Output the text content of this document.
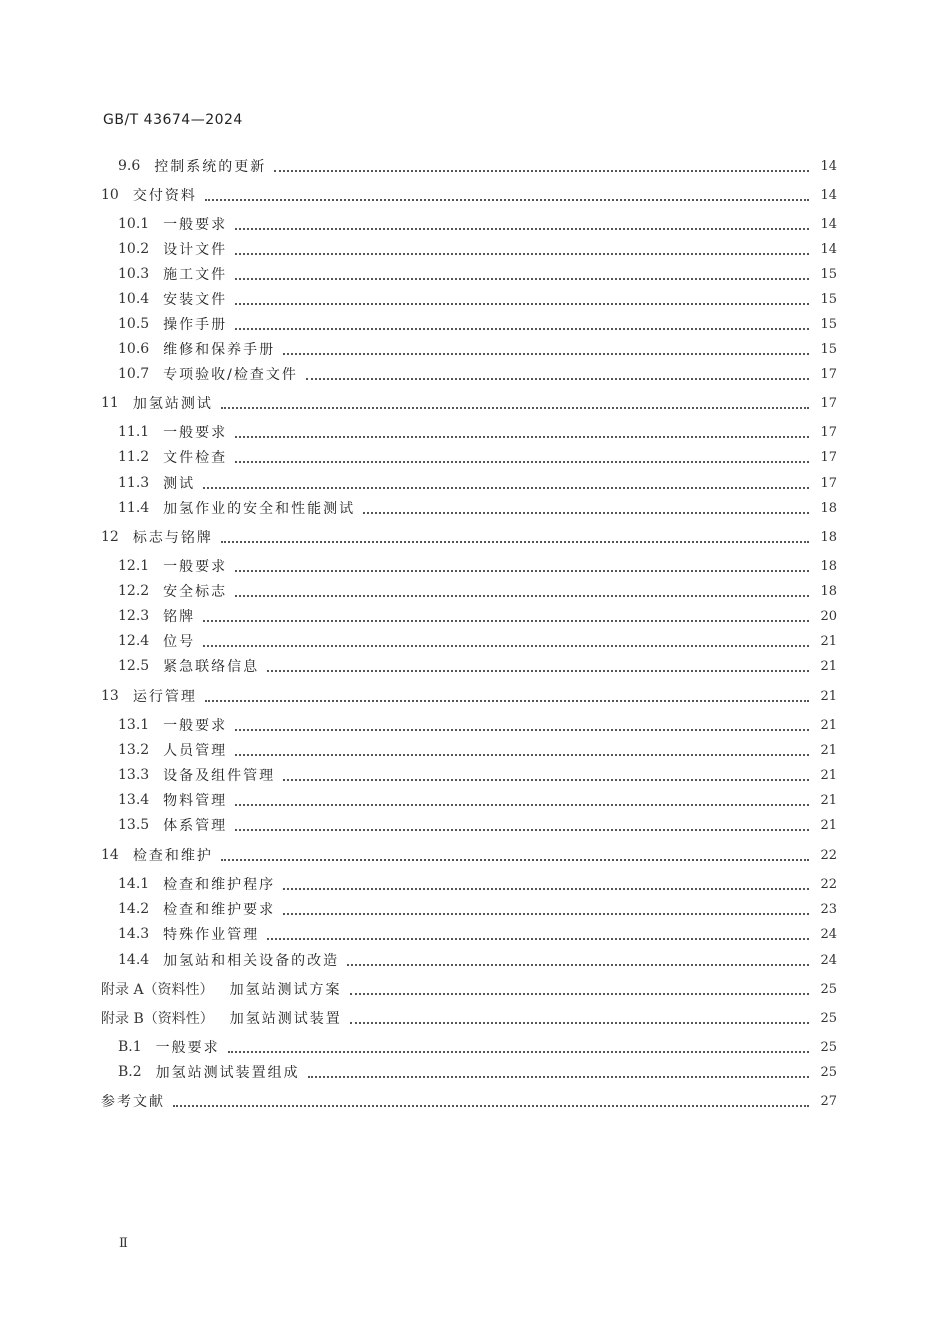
GB/T 43674—2024
9.6 控制系统的更新	14
10 交付资料	14
10.1 一般要求	14
10.2 设计文件	14
10.3 施工文件	15
10.4 安装文件	15
10.5 操作手册	15
10.6 维修和保养手册	15
10.7 专项验收/检查文件	17
11 加氢站测试	17
11.1 一般要求	17
11.2 文件检查	17
11.3 测试	17
11.4 加氢作业的安全和性能测试	18
12 标志与铭牌	18
12.1 一般要求	18
12.2 安全标志	18
12.3 铭牌	20
12.4 位号	21
12.5 紧急联络信息	21
13 运行管理	21
13.1 一般要求	21
13.2 人员管理	21
13.3 设备及组件管理	21
13.4 物料管理	21
13.5 体系管理	21
14 检查和维护	22
14.1 检查和维护程序	22
14.2 检查和维护要求	23
14.3 特殊作业管理	24
14.4 加氢站和相关设备的改造	24
附录 A（资料性） 加氢站测试方案	25
附录 B（资料性） 加氢站测试装置	25
B.1 一般要求	25
B.2 加氢站测试装置组成	25
参考文献	27
Ⅱ
